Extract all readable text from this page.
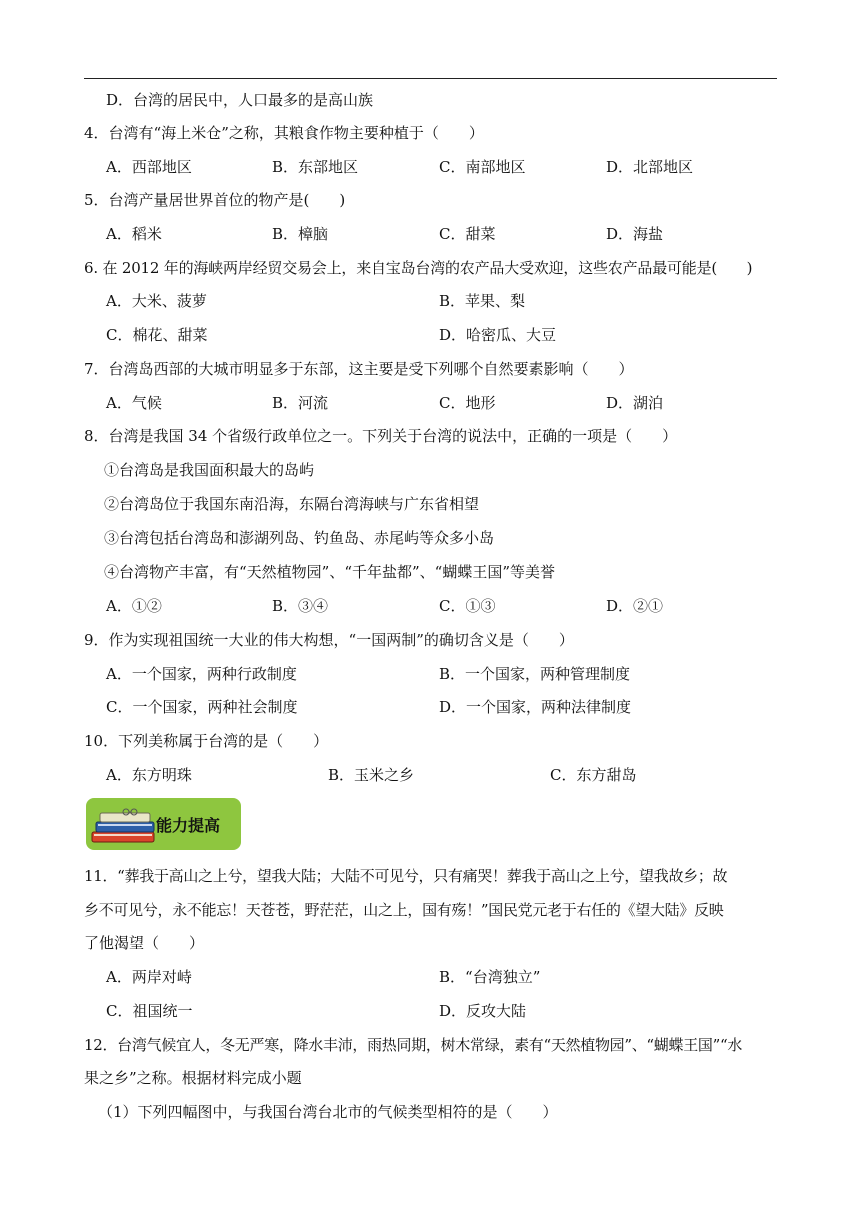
D．台湾的居民中，人口最多的是高山族
4．台湾有“海上米仓”之称，其粮食作物主要种植于（　　）
A．西部地区	B．东部地区	C．南部地区	D．北部地区
5．台湾产量居世界首位的物产是(　　)
A．稻米	B．樟脑	C．甜菜	D．海盐
6. 在 2012 年的海峡两岸经贸交易会上，来自宝岛台湾的农产品大受欢迎，这些农产品最可能是(　　)
A．大米、菠萝	B．苹果、梨
C．棉花、甜菜	D．哈密瓜、大豆
7．台湾岛西部的大城市明显多于东部，这主要是受下列哪个自然要素影响（　　）
A．气候	B．河流	C．地形	D．湖泊
8．台湾是我国 34 个省级行政单位之一。下列关于台湾的说法中，正确的一项是（　　）
①台湾岛是我国面积最大的岛屿
②台湾岛位于我国东南沿海，东隔台湾海峡与广东省相望
③台湾包括台湾岛和澎湖列岛、钓鱼岛、赤尾屿等众多小岛
④台湾物产丰富，有“天然植物园”、“千年盐都”、“蝴蝶王国”等美誉
A．①②	B．③④	C．①③	D．②①
9．作为实现祖国统一大业的伟大构想，“一国两制”的确切含义是（　　）
A．一个国家，两种行政制度	B．一个国家，两种管理制度
C．一个国家，两种社会制度	D．一个国家，两种法律制度
10．下列美称属于台湾的是（　　）
A．东方明珠	B．玉米之乡	C．东方甜岛
能力提高
11．“葬我于高山之上兮，望我大陆；大陆不可见兮，只有痛哭！葬我于高山之上兮，望我故乡；故
乡不可见兮，永不能忘！天苍苍，野茫茫，山之上，国有殇！”国民党元老于右任的《望大陆》反映
了他渴望（　　）
A．两岸对峙	B．“台湾独立”
C．祖国统一	D．反攻大陆
12．台湾气候宜人，冬无严寒，降水丰沛，雨热同期，树木常绿，素有“天然植物园”、“蝴蝶王国”“水
果之乡”之称。根据材料完成小题
（1）下列四幅图中，与我国台湾台北市的气候类型相符的是（　　）
